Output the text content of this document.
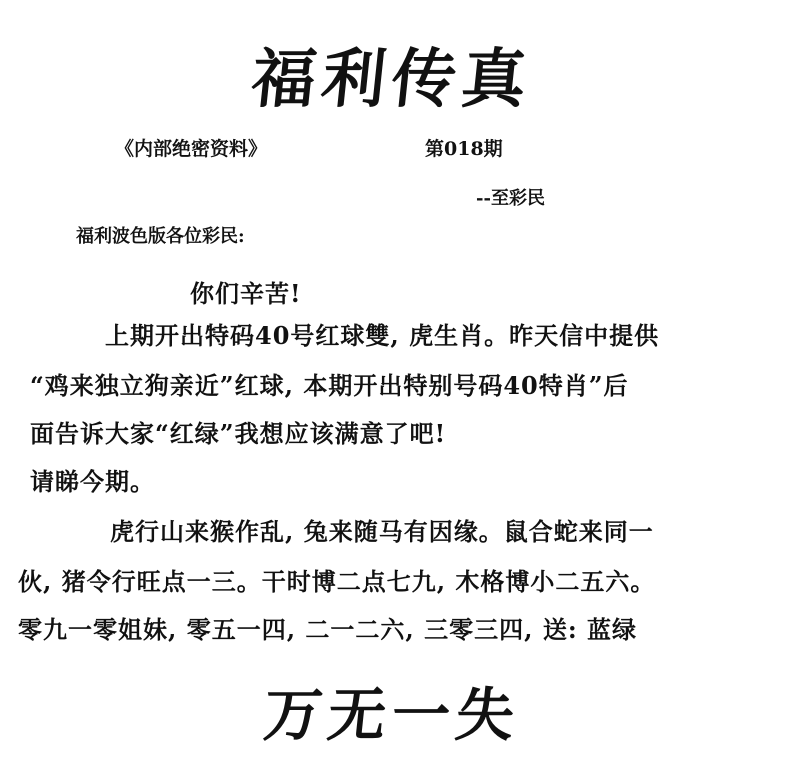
福利传真
《内部绝密资料》	第018期
--至彩民
福利波色版各位彩民:
你们辛苦!
上期开出特码40号红球雙, 虎生肖。昨天信中提供
“鸡来独立狗亲近”红球, 本期开出特别号码40特肖”后
面告诉大家“红绿”我想应该满意了吧!
请睇今期。
虎行山来猴作乱, 兔来随马有因缘。鼠合蛇来同一
伙, 猪令行旺点一三。干时博二点七九, 木格博小二五六。
零九一零姐妹, 零五一四, 二一二六, 三零三四, 送: 蓝绿
万无一失
